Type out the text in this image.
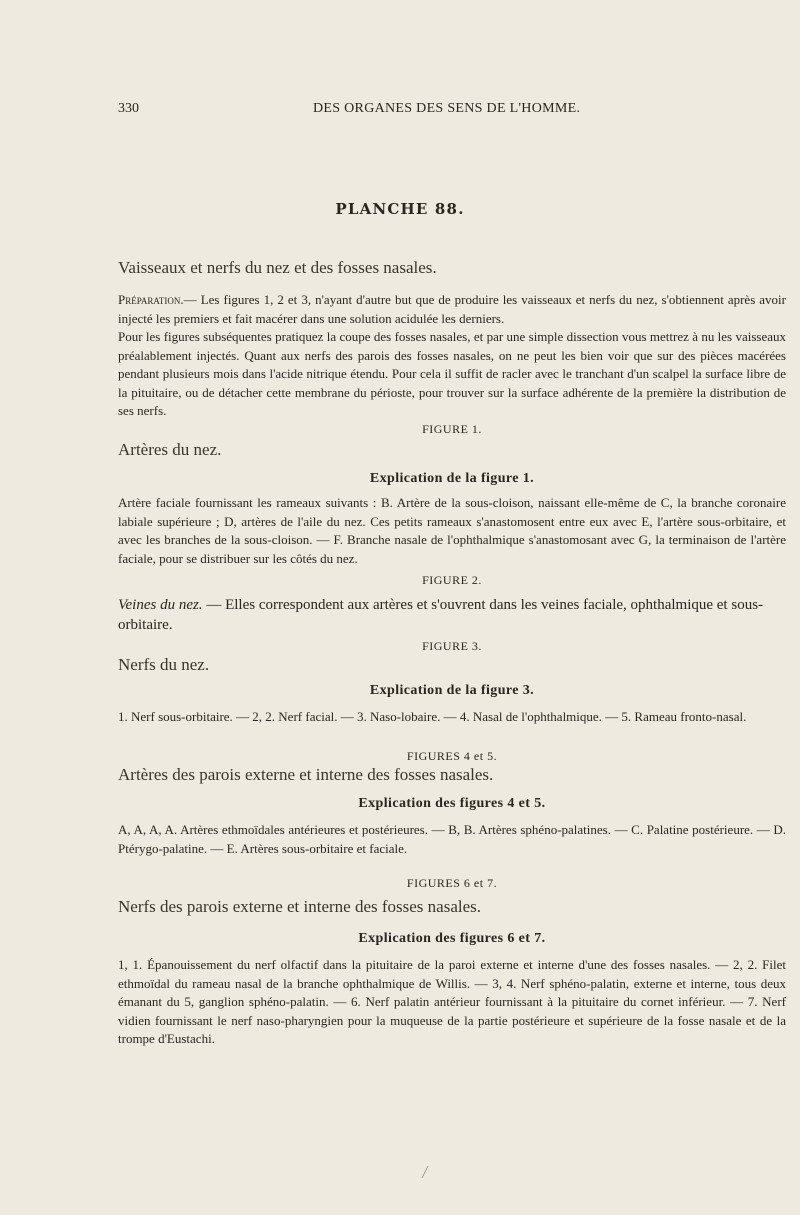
330	DES ORGANES DES SENS DE L'HOMME.
PLANCHE 88.
Vaisseaux et nerfs du nez et des fosses nasales.
Préparation.— Les figures 1, 2 et 3, n'ayant d'autre but que de produire les vaisseaux et nerfs du nez, s'obtiennent après avoir injecté les premiers et fait macérer dans une solution acidulée les derniers.
Pour les figures subséquentes pratiquez la coupe des fosses nasales, et par une simple dissection vous mettrez à nu les vaisseaux préalablement injectés. Quant aux nerfs des parois des fosses nasales, on ne peut les bien voir que sur des pièces macérées pendant plusieurs mois dans l'acide nitrique étendu. Pour cela il suffit de racler avec le tranchant d'un scalpel la surface libre de la pituitaire, ou de détacher cette membrane du périoste, pour trouver sur la surface adhérente de la première la distribution de ses nerfs.
FIGURE 1.
Artères du nez.
Explication de la figure 1.
Artère faciale fournissant les rameaux suivants : B. Artère de la sous-cloison, naissant elle-même de C, la branche coronaire labiale supérieure ; D, artères de l'aile du nez. Ces petits rameaux s'anastomosent entre eux avec E, l'artère sous-orbitaire, et avec les branches de la sous-cloison. — F. Branche nasale de l'ophthalmique s'anastomosant avec G, la terminaison de l'artère faciale, pour se distribuer sur les côtés du nez.
FIGURE 2.
Veines du nez. — Elles correspondent aux artères et s'ouvrent dans les veines faciale, ophthalmique et sous-orbitaire.
FIGURE 3.
Nerfs du nez.
Explication de la figure 3.
1. Nerf sous-orbitaire. — 2, 2. Nerf facial. — 3. Naso-lobaire. — 4. Nasal de l'ophthalmique. — 5. Rameau fronto-nasal.
FIGURES 4 et 5.
Artères des parois externe et interne des fosses nasales.
Explication des figures 4 et 5.
A, A, A, A. Artères ethmoïdales antérieures et postérieures. — B, B. Artères sphéno-palatines. — C. Palatine postérieure. — D. Ptérygo-palatine. — E. Artères sous-orbitaire et faciale.
FIGURES 6 et 7.
Nerfs des parois externe et interne des fosses nasales.
Explication des figures 6 et 7.
1, 1. Épanouissement du nerf olfactif dans la pituitaire de la paroi externe et interne d'une des fosses nasales. — 2, 2. Filet ethmoïdal du rameau nasal de la branche ophthalmique de Willis. — 3, 4. Nerf sphéno-palatin, externe et interne, tous deux émanant du 5, ganglion sphéno-palatin. — 6. Nerf palatin antérieur fournissant à la pituitaire du cornet inférieur. — 7. Nerf vidien fournissant le nerf naso-pharyngien pour la muqueuse de la partie postérieure et supérieure de la fosse nasale et de la trompe d'Eustachi.
